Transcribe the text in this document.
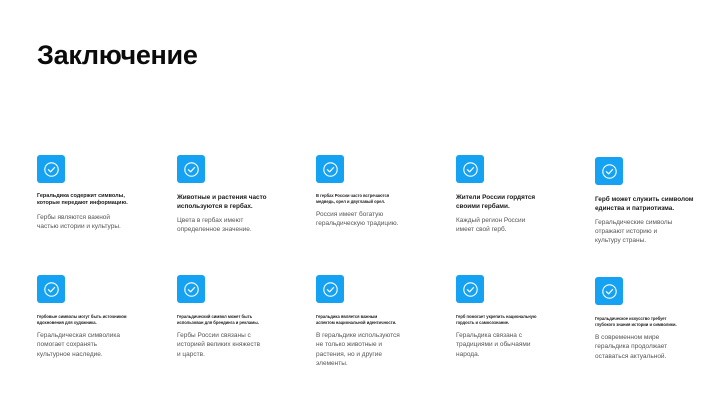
Заключение

Геральдика содержит символы,
которые передают информацию.

Гербы являются важной
частью истории и культуры.

Животные и растения часто
используются в гербах.

Цвета в гербах имеют
определенное значение.

В гербах России часто встречаются
медведь, орел и двуглавый орел.

Россия имеет богатую
геральдическую традицию.

Жители России гордятся
своими гербами.

Каждый регион России
имеет свой герб.

Герб может служить символом
единства и патриотизма.

Геральдические символы
отражают историю и
культуру страны.

Гербовые символы могут быть источником
вдохновения для художника.

Геральдическая символика
помогает сохранять
культурное наследие.

Геральдический символ может быть
использован для брендинга и рекламы.

Гербы России связаны с
историей великих княжеств
и царств.

Геральдика является важным
аспектом национальной идентичности.

В геральдике используются
не только животные и
растения, но и другие
элементы.

Герб помогает укрепить национальную
гордость и самосознание.

Геральдика связана с
традициями и обычаями
народа.

Геральдическое искусство требует
глубокого знания истории и символики.

В современном мире
геральдика продолжает
оставаться актуальной.
